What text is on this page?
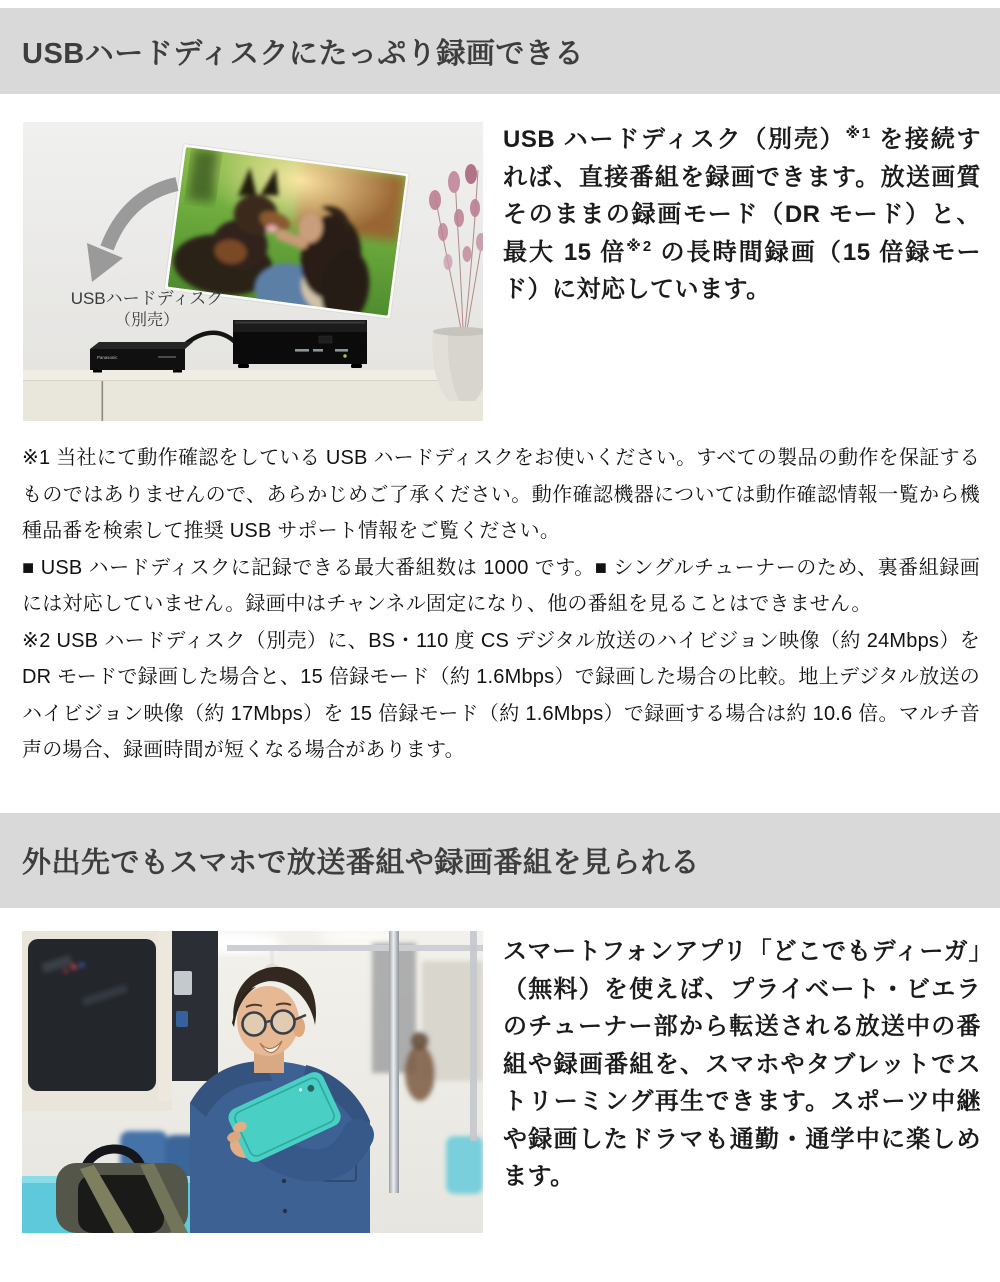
USBハードディスクにたっぷり録画できる
USBハードディスク
（別売）
Panasonic

USB ハードディスク（別売）$^{※1}$ を接続すれば、直接番組を録画できます。放送画質そのままの録画モード（DR モード）と、最大 15 倍$^{※2}$ の長時間録画（15 倍録モード）に対応しています。

※1 当社にて動作確認をしている USB ハードディスクをお使いください。すべての製品の動作を保証するものではありませんので、あらかじめご了承ください。動作確認機器については動作確認情報一覧から機種品番を検索して推奨 USB サポート情報をご覧ください。

■ USB ハードディスクに記録できる最大番組数は 1000 です。■ シングルチューナーのため、裏番組録画には対応していません。録画中はチャンネル固定になり、他の番組を見ることはできません。

※2 USB ハードディスク（別売）に、BS・110 度 CS デジタル放送のハイビジョン映像（約 24Mbps）を DR モードで録画した場合と、15 倍録モード（約 1.6Mbps）で録画した場合の比較。地上デジタル放送のハイビジョン映像（約 17Mbps）を 15 倍録モード（約 1.6Mbps）で録画する場合は約 10.6 倍。マルチ音声の場合、録画時間が短くなる場合があります。

外出先でもスマホで放送番組や録画番組を見られる

スマートフォンアプリ「どこでもディーガ」（無料）を使えば、プライベート・ビエラのチューナー部から転送される放送中の番組や録画番組を、スマホやタブレットでストリーミング再生できます。スポーツ中継や録画したドラマも通勤・通学中に楽しめます。
